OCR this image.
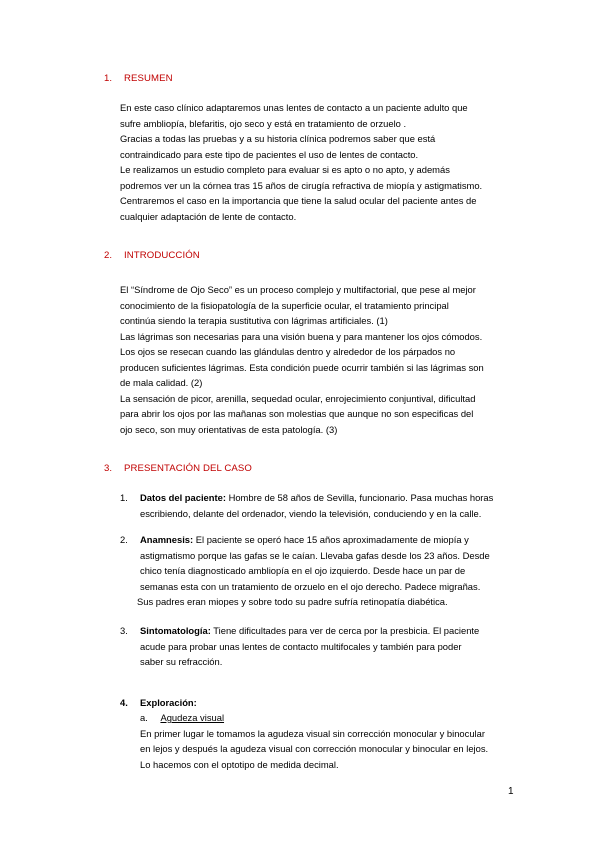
1. RESUMEN
En este caso clínico adaptaremos unas lentes de contacto a un paciente adulto que
sufre ambliopía, blefaritis, ojo seco y está en tratamiento de orzuelo .
Gracias a todas las pruebas y a su historia clínica podremos saber que está
contraindicado para este tipo de pacientes el uso de lentes de contacto.
Le realizamos un estudio completo para evaluar si es apto o no apto, y además
podremos ver un la córnea tras 15 años de cirugía refractiva de miopía y astigmatismo.
Centraremos el caso en la importancia que tiene la salud ocular del paciente antes de
cualquier adaptación de lente de contacto.
2. INTRODUCCIÓN
El “Síndrome de Ojo Seco” es un proceso complejo y multifactorial, que pese al mejor
conocimiento de la fisiopatología de la superficie ocular, el tratamiento principal
continúa siendo la terapia sustitutiva con lágrimas artificiales. (1)
Las lágrimas son necesarias para una visión buena y para mantener los ojos cómodos.
Los ojos se resecan cuando las glándulas dentro y alrededor de los párpados no
producen suficientes lágrimas. Esta condición puede ocurrir también si las lágrimas son
de mala calidad. (2)
La sensación de picor, arenilla, sequedad ocular, enrojecimiento conjuntival, dificultad
para abrir los ojos por las mañanas son molestias que aunque no son especificas del
ojo seco, son muy orientativas de esta patología. (3)
3. PRESENTACIÓN DEL CASO
1. Datos del paciente: Hombre de 58 años de Sevilla, funcionario. Pasa muchas horas
escribiendo, delante del ordenador, viendo la televisión, conduciendo y en la calle.
2. Anamnesis: El paciente se operó hace 15 años aproximadamente de miopía y
astigmatismo porque las gafas se le caían. Llevaba gafas desde los 23 años. Desde
chico tenía diagnosticado ambliopía en el ojo izquierdo. Desde hace un par de
semanas esta con un tratamiento de orzuelo en el ojo derecho. Padece migrañas.
Sus padres eran miopes y sobre todo su padre sufría retinopatía diabética.
3. Sintomatología: Tiene dificultades para ver de cerca por la presbicia. El paciente
acude para probar unas lentes de contacto multifocales y también para poder
saber su refracción.
4. Exploración:
a. Agudeza visual
En primer lugar le tomamos la agudeza visual sin corrección monocular y binocular
en lejos y después la agudeza visual con corrección monocular y binocular en lejos.
Lo hacemos con el optotipo de medida decimal.
1
